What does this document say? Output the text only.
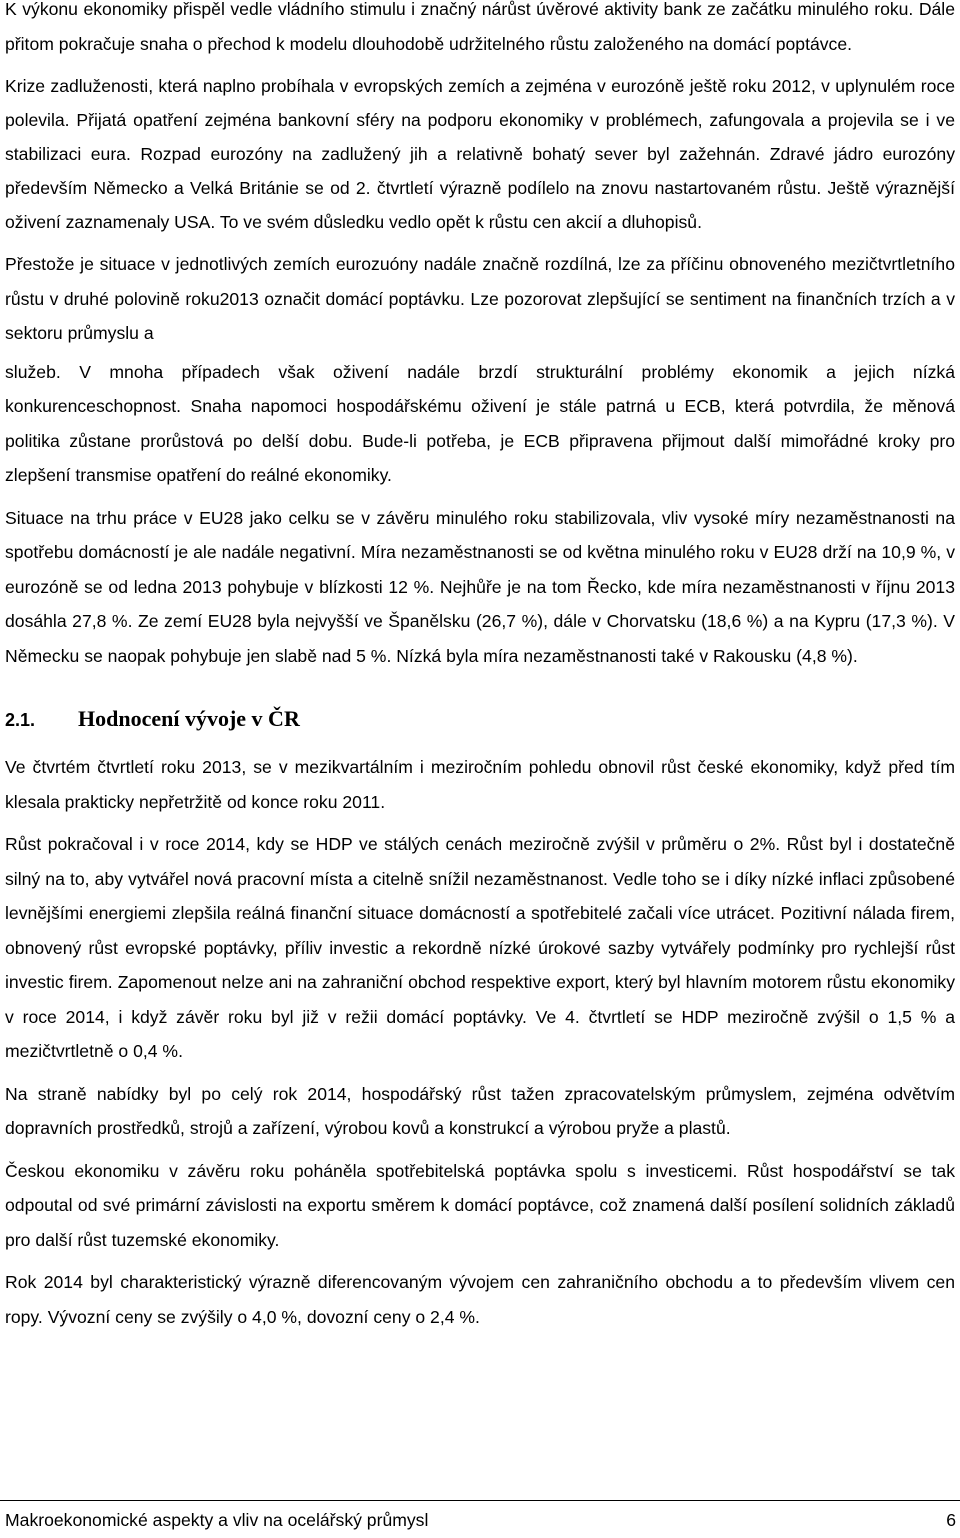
K výkonu ekonomiky přispěl vedle vládního stimulu i značný nárůst úvěrové aktivity bank ze začátku minulého roku. Dále přitom pokračuje snaha o přechod k modelu dlouhodobě udržitelného růstu založeného na domácí poptávce.

Krize zadluženosti, která naplno probíhala v evropských zemích a zejména v eurozóně ještě roku 2012, v uplynulém roce polevila. Přijatá opatření zejména bankovní sféry na podporu ekonomiky v problémech, zafungovala a projevila se i ve stabilizaci eura. Rozpad eurozóny na zadlužený jih a relativně bohatý sever byl zažehnán. Zdravé jádro eurozóny především Německo a Velká Británie se od 2. čtvrtletí výrazně podílelo na znovu nastartovaném růstu. Ještě výraznější oživení zaznamenaly USA. To ve svém důsledku vedlo opět k růstu cen akcií a dluhopisů.

Přestože je situace v jednotlivých zemích eurozuóny nadále značně rozdílná, lze za příčinu obnoveného mezičtvrtletního růstu v druhé polovině roku2013 označit domácí poptávku. Lze pozorovat zlepšující se sentiment na finančních trzích a v sektoru průmyslu a

služeb. V mnoha případech však oživení nadále brzdí strukturální problémy ekonomik a jejich nízká konkurenceschopnost. Snaha napomoci hospodářskému oživení je stále patrná u ECB, která potvrdila, že měnová politika zůstane prorůstová po delší dobu. Bude-li potřeba, je ECB připravena přijmout další mimořádné kroky pro zlepšení transmise opatření do reálné ekonomiky.

Situace na trhu práce v EU28 jako celku se v závěru minulého roku stabilizovala, vliv vysoké míry nezaměstnanosti na spotřebu domácností je ale nadále negativní. Míra nezaměstnanosti se od května minulého roku v EU28 drží na 10,9 %, v eurozóně se od ledna 2013 pohybuje v blízkosti 12 %. Nejhůře je na tom Řecko, kde míra nezaměstnanosti v říjnu 2013 dosáhla 27,8 %. Ze zemí EU28 byla nejvyšší ve Španělsku (26,7 %), dále v Chorvatsku (18,6 %) a na Kypru (17,3 %). V Německu se naopak pohybuje jen slabě nad 5 %. Nízká byla míra nezaměstnanosti také v Rakousku (4,8 %).

2.1.	Hodnocení vývoje v ČR

Ve čtvrtém čtvrtletí roku 2013, se v mezikvartálním i meziročním pohledu obnovil růst české ekonomiky, když před tím klesala prakticky nepřetržitě od konce roku 2011.

Růst pokračoval i v roce 2014, kdy se HDP ve stálých cenách meziročně zvýšil v průměru o 2%. Růst byl i dostatečně silný na to, aby vytvářel nová pracovní místa a citelně snížil nezaměstnanost. Vedle toho se i díky nízké inflaci způsobené levnějšími energiemi zlepšila reálná finanční situace domácností a spotřebitelé začali více utrácet. Pozitivní nálada firem, obnovený růst evropské poptávky, příliv investic a rekordně nízké úrokové sazby vytvářely podmínky pro rychlejší růst investic firem. Zapomenout nelze ani na zahraniční obchod respektive export, který byl hlavním motorem růstu ekonomiky v roce 2014, i když závěr roku byl již v režii domácí poptávky. Ve 4. čtvrtletí se HDP meziročně zvýšil o 1,5 % a mezičtvrtletně o 0,4 %.

Na straně nabídky byl po celý rok 2014, hospodářský růst tažen zpracovatelským průmyslem, zejména odvětvím dopravních prostředků, strojů a zařízení, výrobou kovů a konstrukcí a výrobou pryže a plastů.

Českou ekonomiku v závěru roku poháněla spotřebitelská poptávka spolu s investicemi. Růst hospodářství se tak odpoutal od své primární závislosti na exportu směrem k domácí poptávce, což znamená další posílení solidních základů pro další růst tuzemské ekonomiky.

Rok 2014 byl charakteristický výrazně diferencovaným vývojem cen zahraničního obchodu a to především vlivem cen ropy. Vývozní ceny se zvýšily o 4,0 %, dovozní ceny o 2,4 %.

Makroekonomické aspekty a vliv na ocelářský průmysl	6
